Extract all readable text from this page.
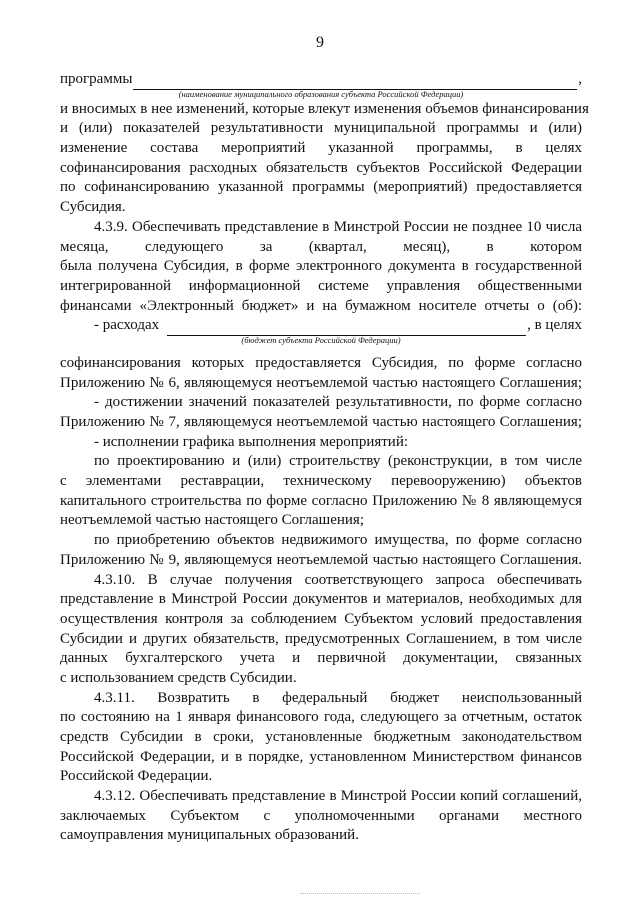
9
программы	,
(наименование муниципального образования субъекта Российской Федерации)
и вносимых в нее изменений, которые влекут изменения объемов финансирования
и (или) показателей результативности муниципальной программы и (или)
изменение состава мероприятий указанной программы, в целях
софинансирования расходных обязательств субъектов Российской Федерации
по софинансированию указанной программы (мероприятий) предоставляется
Субсидия.
4.3.9. Обеспечивать представление в Минстрой России не позднее 10 числа
месяца, следующего за (квартал, месяц), в котором
была получена Субсидия, в форме электронного документа в государственной
интегрированной информационной системе управления общественными
финансами «Электронный бюджет» и на бумажном носителе отчеты о (об):
- расходах	, в целях
(бюджет субъекта Российской Федерации)
софинансирования которых предоставляется Субсидия, по форме согласно
Приложению № 6, являющемуся неотъемлемой частью настоящего Соглашения;
- достижении значений показателей результативности, по форме согласно
Приложению № 7, являющемуся неотъемлемой частью настоящего Соглашения;
- исполнении графика выполнения мероприятий:
по проектированию и (или) строительству (реконструкции, в том числе
с элементами реставрации, техническому перевооружению) объектов
капитального строительства по форме согласно Приложению № 8 являющемуся
неотъемлемой частью настоящего Соглашения;
по приобретению объектов недвижимого имущества, по форме согласно
Приложению № 9, являющемуся неотъемлемой частью настоящего Соглашения.
4.3.10. В случае получения соответствующего запроса обеспечивать
представление в Минстрой России документов и материалов, необходимых для
осуществления контроля за соблюдением Субъектом условий предоставления
Субсидии и других обязательств, предусмотренных Соглашением, в том числе
данных бухгалтерского учета и первичной документации, связанных
с использованием средств Субсидии.
4.3.11. Возвратить в федеральный бюджет неиспользованный
по состоянию на 1 января финансового года, следующего за отчетным, остаток
средств Субсидии в сроки, установленные бюджетным законодательством
Российской Федерации, и в порядке, установленном Министерством финансов
Российской Федерации.
4.3.12. Обеспечивать представление в Минстрой России копий соглашений,
заключаемых Субъектом с уполномоченными органами местного
самоуправления муниципальных образований.
